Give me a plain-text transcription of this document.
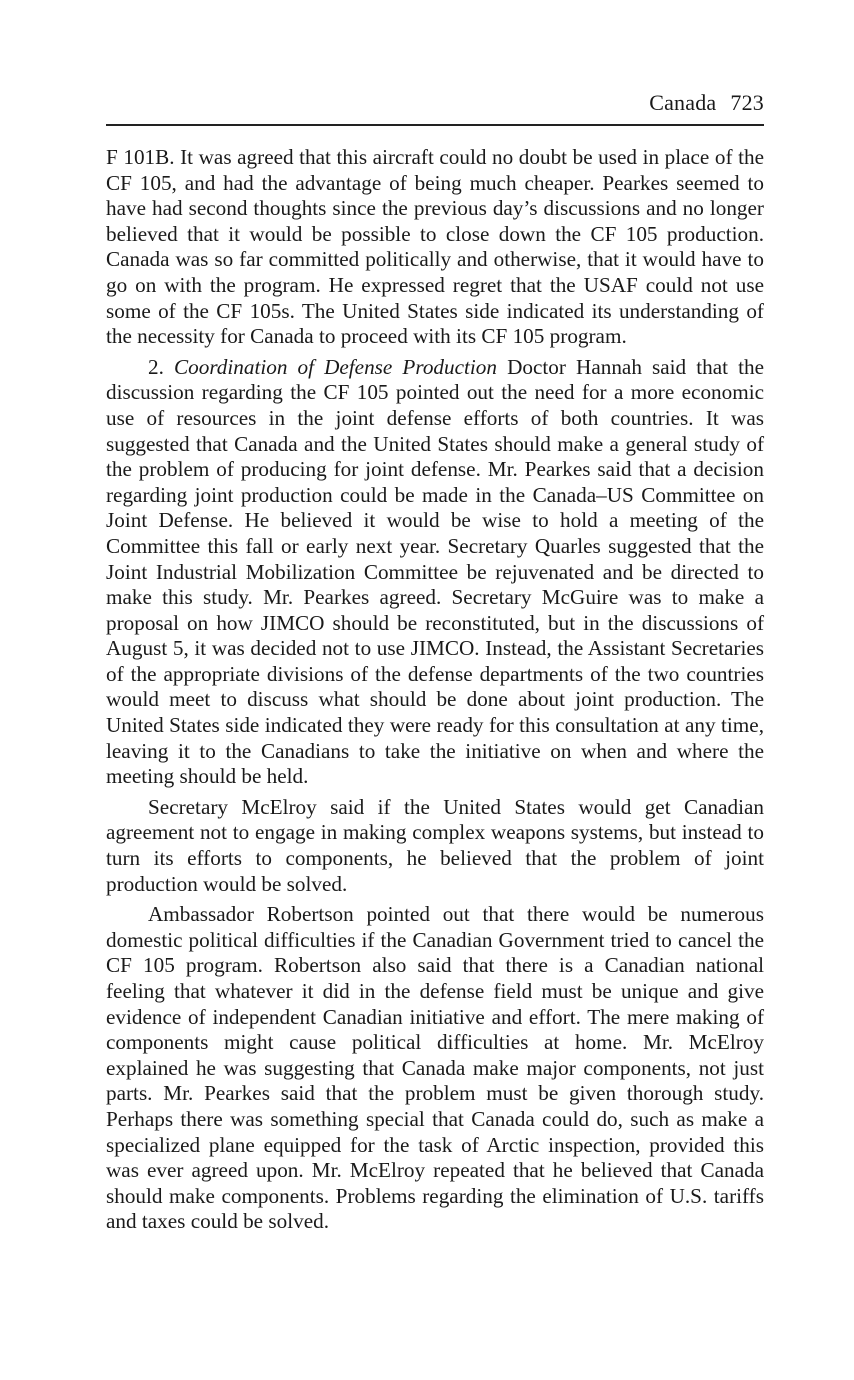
Canada 723

F 101B. It was agreed that this aircraft could no doubt be used in place of the CF 105, and had the advantage of being much cheaper. Pearkes seemed to have had second thoughts since the previous day’s discussions and no longer believed that it would be possible to close down the CF 105 production. Canada was so far committed politically and otherwise, that it would have to go on with the program. He expressed regret that the USAF could not use some of the CF 105s. The United States side indicated its understanding of the necessity for Canada to proceed with its CF 105 program.

2. Coordination of Defense Production Doctor Hannah said that the discussion regarding the CF 105 pointed out the need for a more economic use of resources in the joint defense efforts of both countries. It was suggested that Canada and the United States should make a general study of the problem of producing for joint defense. Mr. Pearkes said that a decision regarding joint production could be made in the Canada–US Committee on Joint Defense. He believed it would be wise to hold a meeting of the Committee this fall or early next year. Secretary Quarles suggested that the Joint Industrial Mobilization Committee be rejuvenated and be directed to make this study. Mr. Pearkes agreed. Secretary McGuire was to make a proposal on how JIMCO should be reconstituted, but in the discussions of August 5, it was decided not to use JIMCO. Instead, the Assistant Secretaries of the appropriate divisions of the defense departments of the two countries would meet to discuss what should be done about joint production. The United States side indicated they were ready for this consultation at any time, leaving it to the Canadians to take the initiative on when and where the meeting should be held.

Secretary McElroy said if the United States would get Canadian agreement not to engage in making complex weapons systems, but instead to turn its efforts to components, he believed that the problem of joint production would be solved.

Ambassador Robertson pointed out that there would be numerous domestic political difficulties if the Canadian Government tried to cancel the CF 105 program. Robertson also said that there is a Canadian national feeling that whatever it did in the defense field must be unique and give evidence of independent Canadian initiative and effort. The mere making of components might cause political difficulties at home. Mr. McElroy explained he was suggesting that Canada make major components, not just parts. Mr. Pearkes said that the problem must be given thorough study. Perhaps there was something special that Canada could do, such as make a specialized plane equipped for the task of Arctic inspection, provided this was ever agreed upon. Mr. McElroy repeated that he believed that Canada should make components. Problems regarding the elimination of U.S. tariffs and taxes could be solved.
